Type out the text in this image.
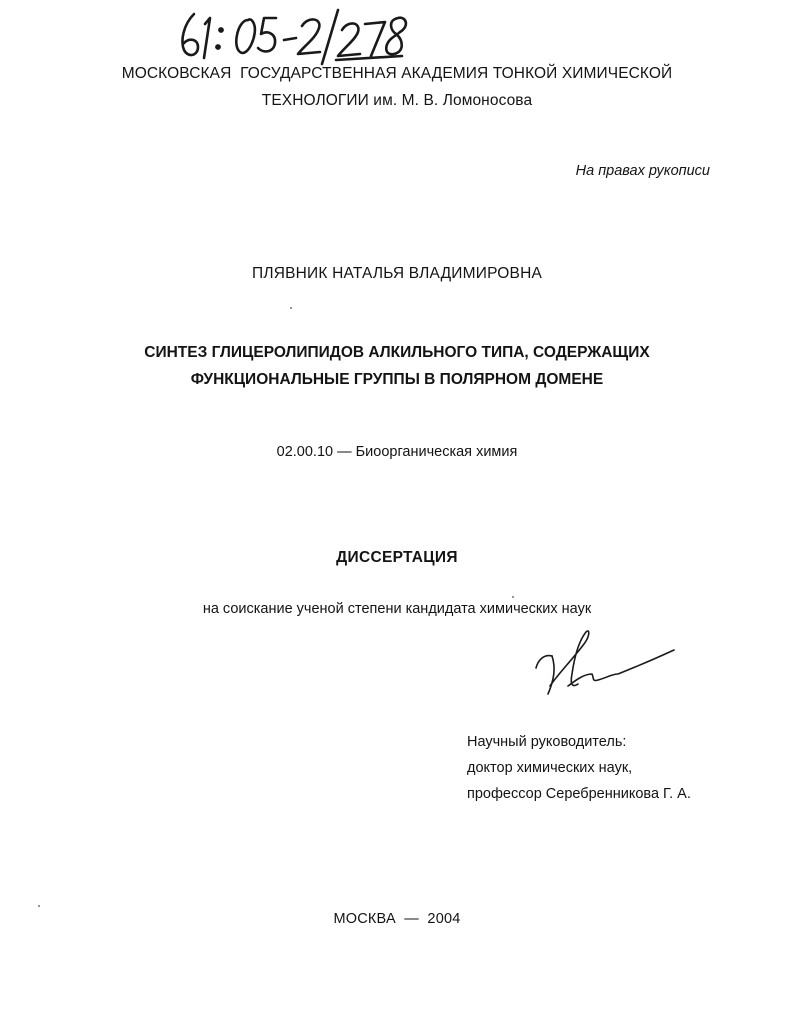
МОСКОВСКАЯ  ГОСУДАРСТВЕННАЯ АКАДЕМИЯ ТОНКОЙ ХИМИЧЕСКОЙ
ТЕХНОЛОГИИ им. М. В. Ломоносова
На правах рукописи
ПЛЯВНИК НАТАЛЬЯ ВЛАДИМИРОВНА
СИНТЕЗ ГЛИЦЕРОЛИПИДОВ АЛКИЛЬНОГО ТИПА, СОДЕРЖАЩИХ
ФУНКЦИОНАЛЬНЫЕ ГРУППЫ В ПОЛЯРНОМ ДОМЕНЕ
02.00.10 — Биоорганическая химия
ДИССЕРТАЦИЯ
на соискание ученой степени кандидата химических наук
Научный руководитель:
доктор химических наук,
профессор Серебренникова Г. А.
МОСКВА  —  2004
